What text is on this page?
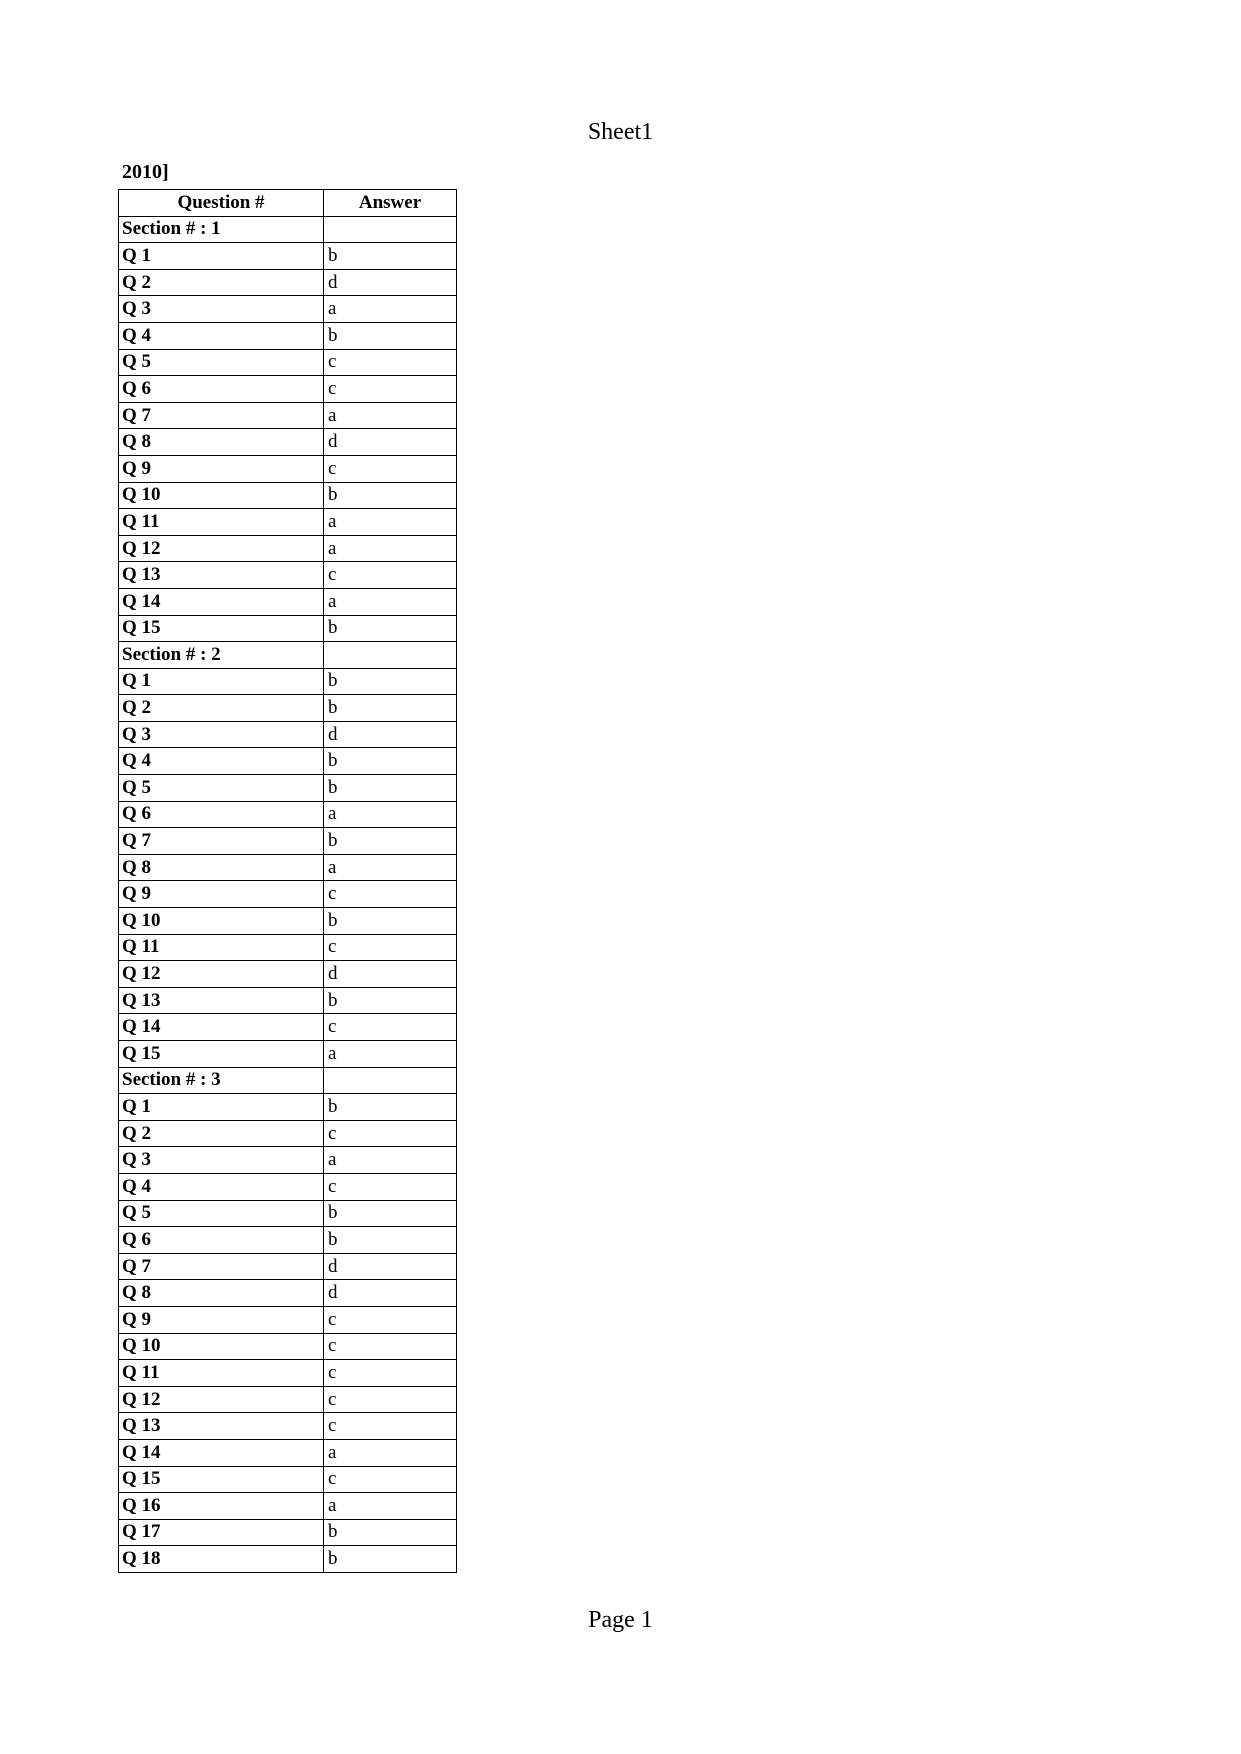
Sheet1
2010]
Question #	Answer
Section # : 1	
Q 1	b
Q 2	d
Q 3	a
Q 4	b
Q 5	c
Q 6	c
Q 7	a
Q 8	d
Q 9	c
Q 10	b
Q 11	a
Q 12	a
Q 13	c
Q 14	a
Q 15	b
Section # : 2	
Q 1	b
Q 2	b
Q 3	d
Q 4	b
Q 5	b
Q 6	a
Q 7	b
Q 8	a
Q 9	c
Q 10	b
Q 11	c
Q 12	d
Q 13	b
Q 14	c
Q 15	a
Section # : 3	
Q 1	b
Q 2	c
Q 3	a
Q 4	c
Q 5	b
Q 6	b
Q 7	d
Q 8	d
Q 9	c
Q 10	c
Q 11	c
Q 12	c
Q 13	c
Q 14	a
Q 15	c
Q 16	a
Q 17	b
Q 18	b
Page 1
